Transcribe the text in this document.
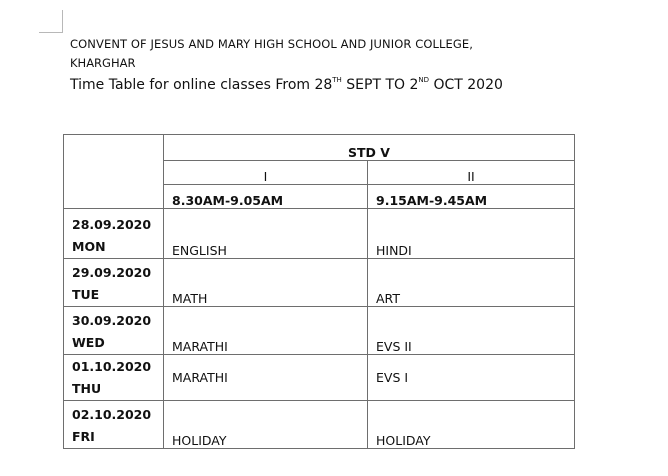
CONVENT OF JESUS AND MARY HIGH SCHOOL AND JUNIOR COLLEGE,
KHARGHAR
Time Table for online classes From 28TH SEPT TO 2ND OCT 2020
	STD V	
	I	II
	8.30AM-9.05AM	9.15AM-9.45AM

28.09.2020
MON	ENGLISH	HINDI

29.09.2020
TUE	MATH	ART

30.09.2020
WED	MARATHI	EVS II

01.10.2020
THU	MARATHI	EVS I

02.10.2020
FRI	HOLIDAY	HOLIDAY
